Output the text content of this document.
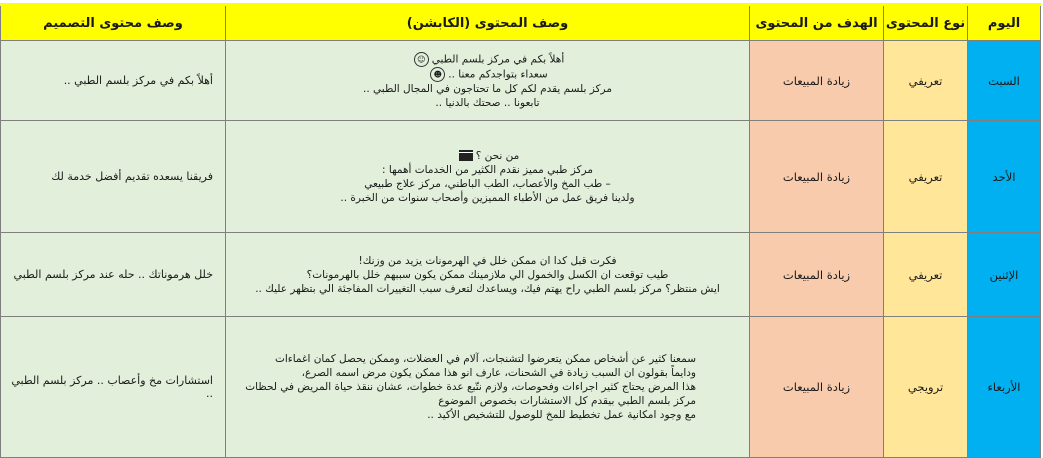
اليوم	نوع المحتوى	الهدف من المحتوى	وصف المحتوى (الكابشن)	وصف محتوى التصميم
السبت	تعريفي	زيادة المبيعات	أهلاً بكم في مركز بلسم الطبي☺
سعداء بتواجدكم معنا ..☻
مركز بلسم يقدم لكم كل ما تحتاجون في المجال الطبي ..
تابعونا .. صحتك بالدنيا ..	أهلاً بكم في مركز بلسم الطبي ..
الأحد	تعريفي	زيادة المبيعات	من نحن ؟
مركز طبي مميز نقدم الكثير من الخدمات أهمها :
– طب المخ والأعصاب، الطب الباطني، مركز علاج طبيعي
ولدينا فريق عمل من الأطباء المميزين وأصحاب سنوات من الخبرة ..	فريقنا يسعده تقديم أفضل خدمة لك
الإثنين	تعريفي	زيادة المبيعات	فكرت قبل كدا ان ممكن خلل في الهرمونات يزيد من وزنك!
طيب توقعت ان الكسل والخمول الي ملازمينك ممكن يكون سببهم خلل بالهرمونات؟
ايش منتظر؟ مركز بلسم الطبي راح يهتم فيك، ويساعدك لتعرف سبب التغييرات المفاجئة الي بتظهر عليك ..	خلل هرموناتك .. حله عند مركز بلسم الطبي
الأربعاء	ترويجي	زيادة المبيعات	سمعنا كثير عن أشخاص ممكن يتعرضوا لتشنجات، آلام في العضلات، وممكن يحصل كمان اغماءات
ودايماً بقولون ان السبب زيادة في الشحنات، عارف انو هذا ممكن يكون مرض اسمه الصرع،
هذا المرض يحتاج كثير اجراءات وفحوصات، ولازم نتّبع عدة خطوات، عشان ننقذ حياة المريض في لحظات
مركز بلسم الطبي بيقدم كل الاستشارات بخصوص الموضوع
مع وجود امكانية عمل تخطيط للمخ للوصول للتشخيص الأكيد ..	استشارات مخ وأعصاب .. مركز بلسم الطبي ..
